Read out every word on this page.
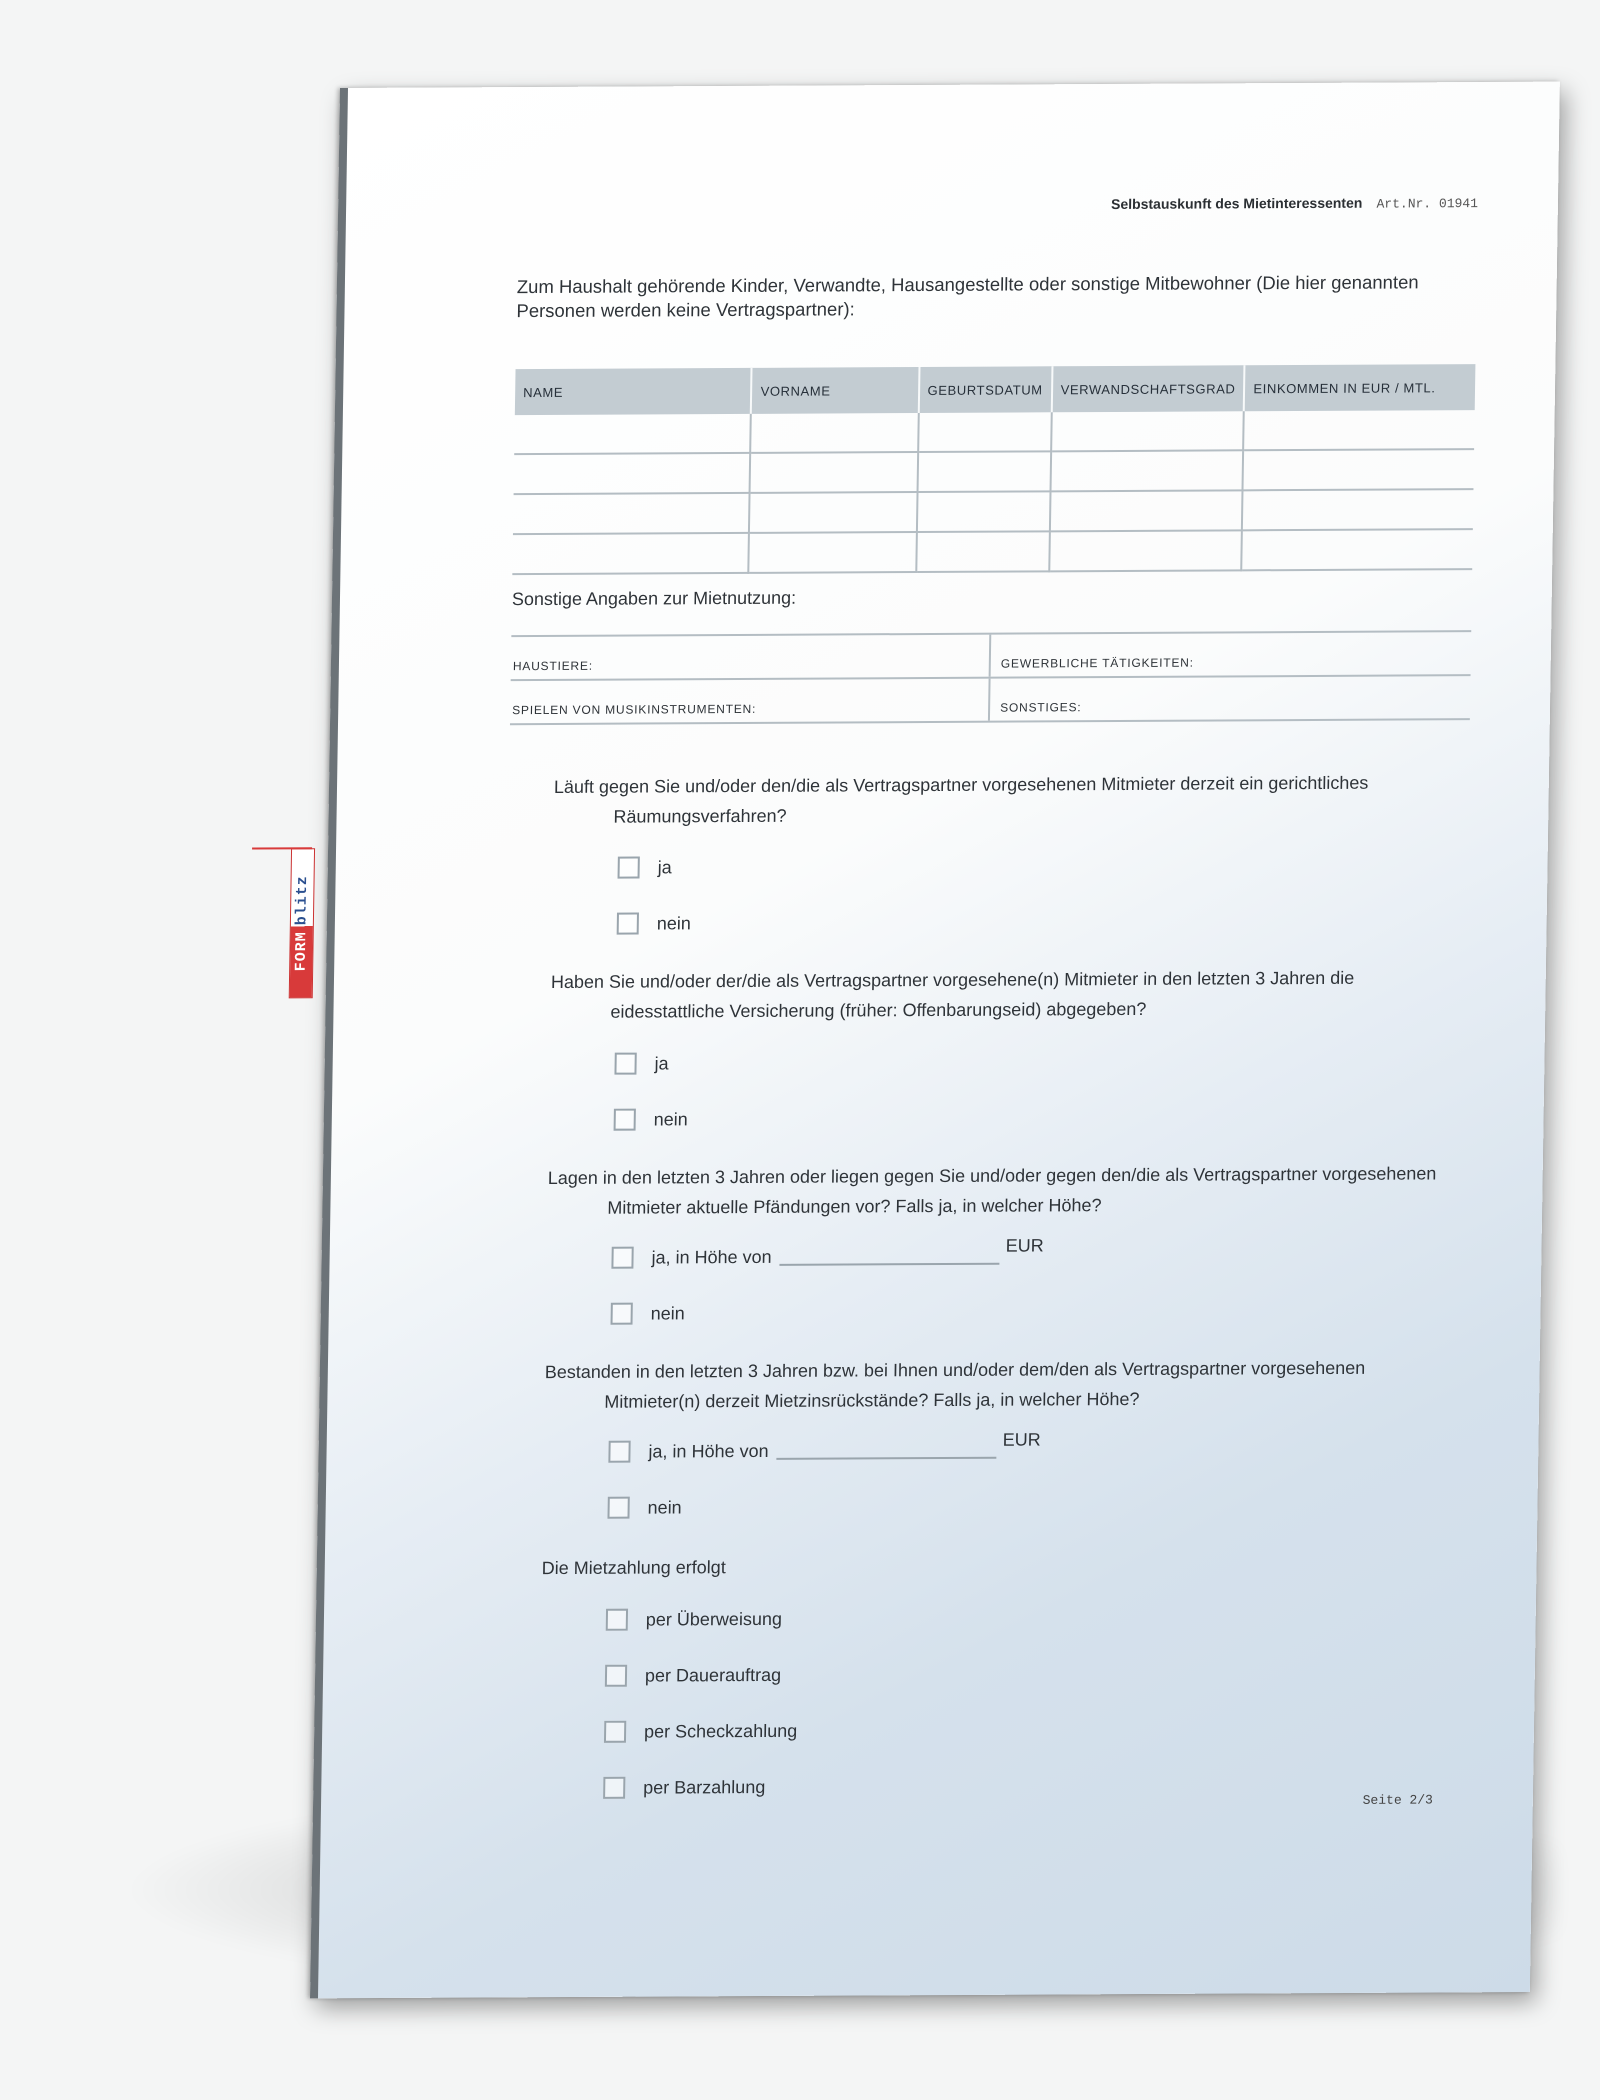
Selbstauskunft des Mietinteressenten Art.Nr. 01941
Zum Haushalt gehörende Kinder, Verwandte, Hausangestellte oder sonstige Mitbewohner (Die hier genannten Personen werden keine Vertragspartner):
NAME	VORNAME	GEBURTSDATUM	VERWANDSCHAFTSGRAD	EINKOMMEN IN EUR / MTL.

Sonstige Angaben zur Mietnutzung:
HAUSTIERE:	GEWERBLICHE TÄTIGKEITEN:
SPIELEN VON MUSIKINSTRUMENTEN:	SONSTIGES:
Läuft gegen Sie und/oder den/die als Vertragspartner vorgesehenen Mitmieter derzeit ein gerichtliches Räumungsverfahren?
ja
nein
Haben Sie und/oder der/die als Vertragspartner vorgesehene(n) Mitmieter in den letzten 3 Jahren die eidesstattliche Versicherung (früher: Offenbarungseid) abgegeben?
ja
nein
Lagen in den letzten 3 Jahren oder liegen gegen Sie und/oder gegen den/die als Vertragspartner vorgesehenen Mitmieter aktuelle Pfändungen vor? Falls ja, in welcher Höhe?
ja, in Höhe von
EUR
nein
Bestanden in den letzten 3 Jahren bzw. bei Ihnen und/oder dem/den als Vertragspartner vorgesehenen Mitmieter(n) derzeit Mietzinsrückstände? Falls ja, in welcher Höhe?
ja, in Höhe von
EUR
nein
Die Mietzahlung erfolgt
per Überweisung
per Dauerauftrag
per Scheckzahlung
per Barzahlung
Seite 2/3
FORMblitz
